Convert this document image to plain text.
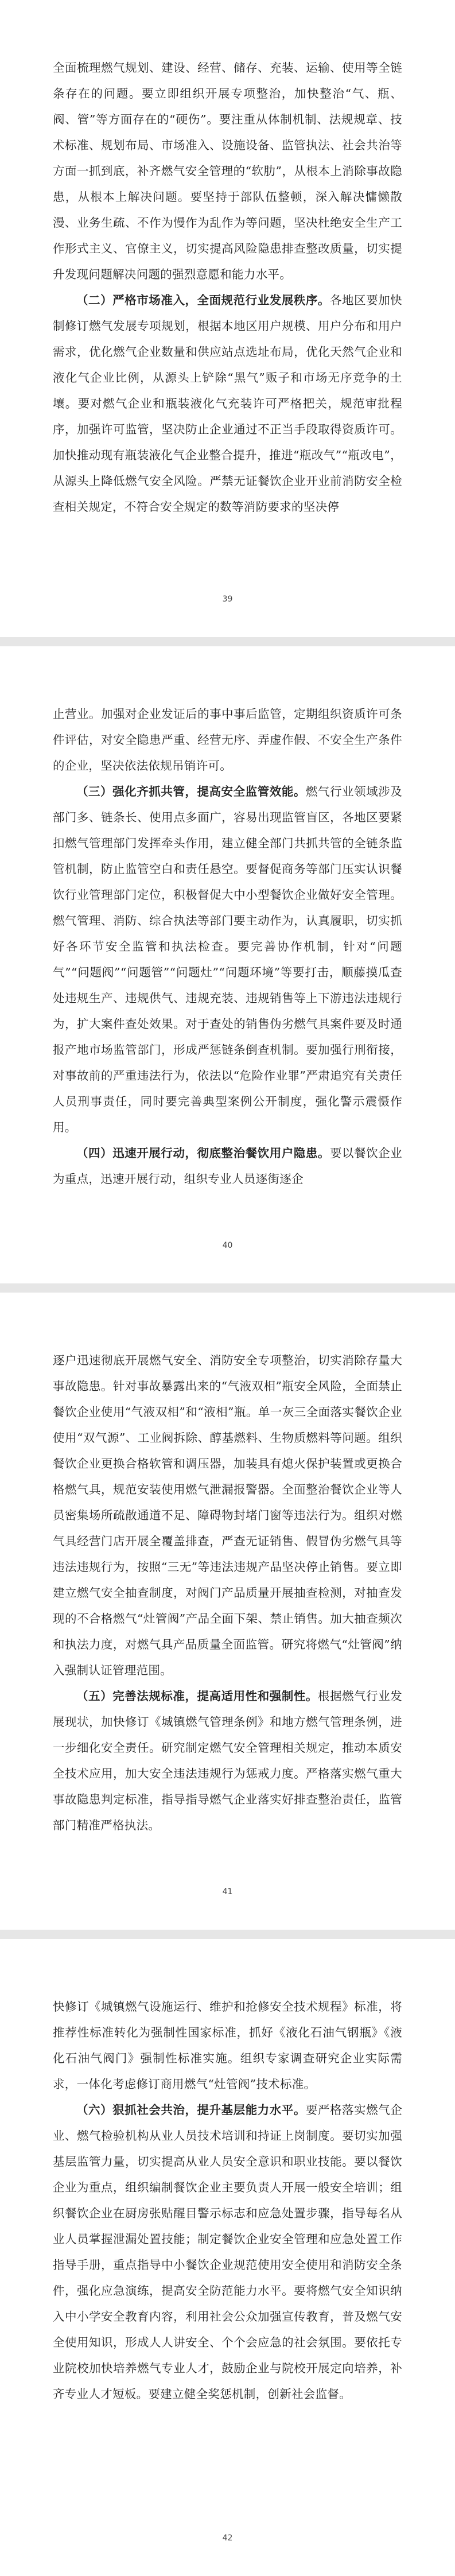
全面梳理燃气规划、建设、经营、储存、充装、运输、使用等全链条存在的问题。要立即组织开展专项整治，加快整治“气、瓶、阀、管”等方面存在的“硬伤”。要注重从体制机制、法规规章、技术标准、规划布局、市场准入、设施设备、监管执法、社会共治等方面一抓到底，补齐燃气安全管理的“软肋”，从根本上消除事故隐患，从根本上解决问题。要坚持于部队伍整顿，深入解决慵懒散漫、业务生疏、不作为慢作为乱作为等问题，坚决杜绝安全生产工作形式主义、官僚主义，切实提高风险隐患排查整改质量，切实提升发现问题解决问题的强烈意愿和能力水平。

（二）严格市场准入，全面规范行业发展秩序。各地区要加快制修订燃气发展专项规划，根据本地区用户规模、用户分布和用户需求，优化燃气企业数量和供应站点选址布局，优化天然气企业和液化气企业比例，从源头上铲除“黑气”贩子和市场无序竞争的土壤。要对燃气企业和瓶装液化气充装许可严格把关，规范审批程序，加强许可监管，坚决防止企业通过不正当手段取得资质许可。加快推动现有瓶装液化气企业整合提升，推进“瓶改气”“瓶改电”，从源头上降低燃气安全风险。严禁无证餐饮企业开业前消防安全检查相关规定，不符合安全规定的数等消防要求的坚决停

39

止营业。加强对企业发证后的事中事后监管，定期组织资质许可条件评估，对安全隐患严重、经营无序、弄虚作假、不安全生产条件的企业，坚决依法依规吊销许可。

（三）强化齐抓共管，提高安全监管效能。燃气行业领域涉及部门多、链条长、使用点多面广，容易出现监管盲区，各地区要紧扣燃气管理部门发挥牵头作用，建立健全部门共抓共管的全链条监管机制，防止监管空白和责任悬空。要督促商务等部门压实认识餐饮行业管理部门定位，积极督促大中小型餐饮企业做好安全管理。燃气管理、消防、综合执法等部门要主动作为，认真履职，切实抓好各环节安全监管和执法检查。要完善协作机制，针对“问题气”“问题阀”“问题管”“问题灶”“问题环境”等要打击，顺藤摸瓜查处违规生产、违规供气、违规充装、违规销售等上下游违法违规行为，扩大案件查处效果。对于查处的销售伪劣燃气具案件要及时通报产地市场监管部门，形成严惩链条倒查机制。要加强行刑衔接，对事故前的严重违法行为，依法以“危险作业罪”严肃追究有关责任人员刑事责任，同时要完善典型案例公开制度，强化警示震慑作用。

（四）迅速开展行动，彻底整治餐饮用户隐患。要以餐饮企业为重点，迅速开展行动，组织专业人员逐街逐企

40

逐户迅速彻底开展燃气安全、消防安全专项整治，切实消除存量大事故隐患。针对事故暴露出来的“气液双相”瓶安全风险，全面禁止餐饮企业使用“气液双相”和“液相”瓶。单一灰三全面落实餐饮企业使用“双气源”、工业阀拆除、醇基燃料、生物质燃料等问题。组织餐饮企业更换合格软管和调压器，加装具有熄火保护装置或更换合格燃气具，规范安装使用燃气泄漏报警器。全面整治餐饮企业等人员密集场所疏散通道不足、障碍物封堵门窗等违法行为。组织对燃气具经营门店开展全覆盖排查，严查无证销售、假冒伪劣燃气具等违法违规行为，按照“三无”等违法违规产品坚决停止销售。要立即建立燃气安全抽查制度，对阀门产品质量开展抽查检测，对抽查发现的不合格燃气“灶管阀”产品全面下架、禁止销售。加大抽查频次和执法力度，对燃气具产品质量全面监管。研究将燃气“灶管阀”纳入强制认证管理范围。

（五）完善法规标准，提高适用性和强制性。根据燃气行业发展现状，加快修订《城镇燃气管理条例》和地方燃气管理条例，进一步细化安全责任。研究制定燃气安全管理相关规定，推动本质安全技术应用，加大安全违法违规行为惩戒力度。严格落实燃气重大事故隐患判定标准，指导指导燃气企业落实好排查整治责任，监管部门精准严格执法。

41

快修订《城镇燃气设施运行、维护和抢修安全技术规程》标准，将推荐性标准转化为强制性国家标准，抓好《液化石油气钢瓶》《液化石油气阀门》强制性标准实施。组织专家调查研究企业实际需求，一体化考虑修订商用燃气“灶管阀”技术标准。

（六）狠抓社会共治，提升基层能力水平。要严格落实燃气企业、燃气检验机构从业人员技术培训和持证上岗制度。要切实加强基层监管力量，切实提高从业人员安全意识和职业技能。要以餐饮企业为重点，组织编制餐饮企业主要负责人开展一般安全培训；组织餐饮企业在厨房张贴醒目警示标志和应急处置步骤，指导每名从业人员掌握泄漏处置技能；制定餐饮企业安全管理和应急处置工作指导手册，重点指导中小餐饮企业规范使用安全使用和消防安全条件，强化应急演练，提高安全防范能力水平。要将燃气安全知识纳入中小学安全教育内容，利用社会公众加强宣传教育，普及燃气安全使用知识，形成人人讲安全、个个会应急的社会氛围。要依托专业院校加快培养燃气专业人才，鼓励企业与院校开展定向培养，补齐专业人才短板。要建立健全奖惩机制，创新社会监督。

42
